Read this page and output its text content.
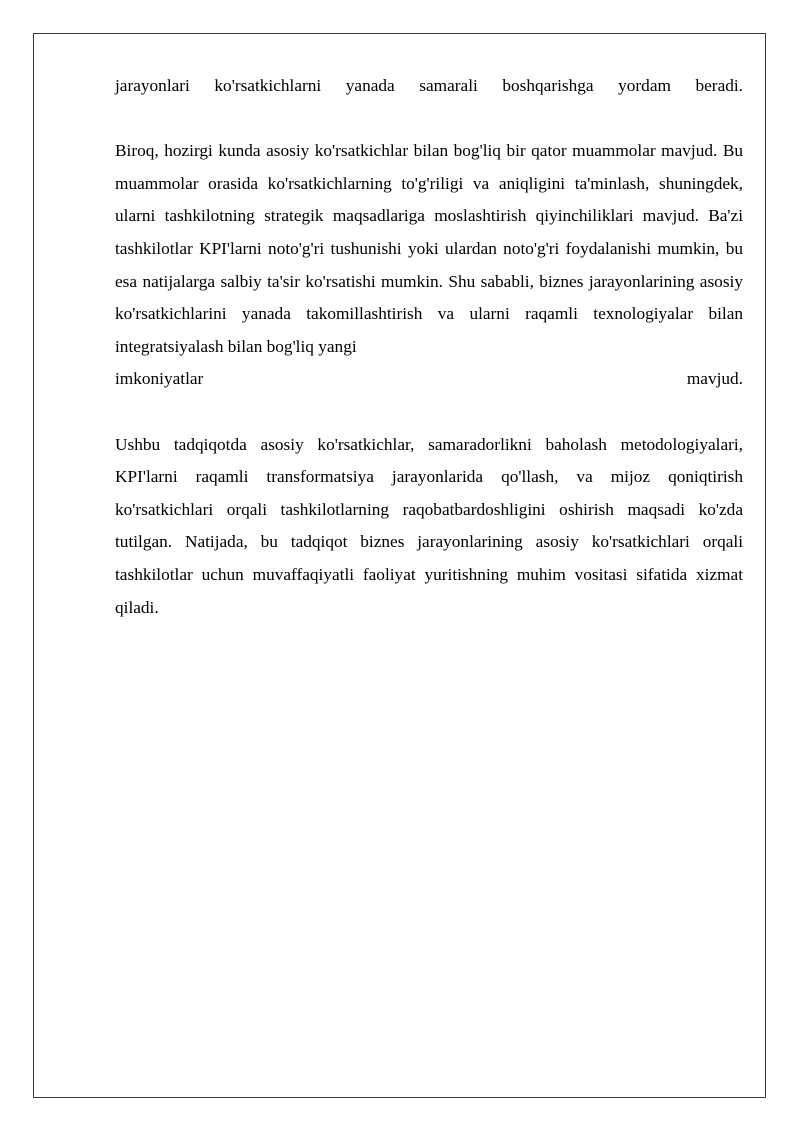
jarayonlari ko'rsatkichlarni yanada samarali boshqarishga yordam beradi.

Biroq, hozirgi kunda asosiy ko'rsatkichlar bilan bog'liq bir qator muammolar mavjud. Bu muammolar orasida ko'rsatkichlarning to'g'riligi va aniqligini ta'minlash, shuningdek, ularni tashkilotning strategik maqsadlariga moslashtirish qiyinchiliklari mavjud. Ba'zi tashkilotlar KPI'larni noto'g'ri tushunishi yoki ulardan noto'g'ri foydalanishi mumkin, bu esa natijalarga salbiy ta'sir ko'rsatishi mumkin. Shu sababli, biznes jarayonlarining asosiy ko'rsatkichlarini yanada takomillashtirish va ularni raqamli texnologiyalar bilan integratsiyalash bilan bog'liq yangi

imkoniyatlar	mavjud.

Ushbu tadqiqotda asosiy ko'rsatkichlar, samaradorlikni baholash metodologiyalari, KPI'larni raqamli transformatsiya jarayonlarida qo'llash, va mijoz qoniqtirish ko'rsatkichlari orqali tashkilotlarning raqobatbardoshligini oshirish maqsadi ko'zda tutilgan. Natijada, bu tadqiqot biznes jarayonlarining asosiy ko'rsatkichlari orqali tashkilotlar uchun muvaffaqiyatli faoliyat yuritishning muhim vositasi sifatida xizmat qiladi.
